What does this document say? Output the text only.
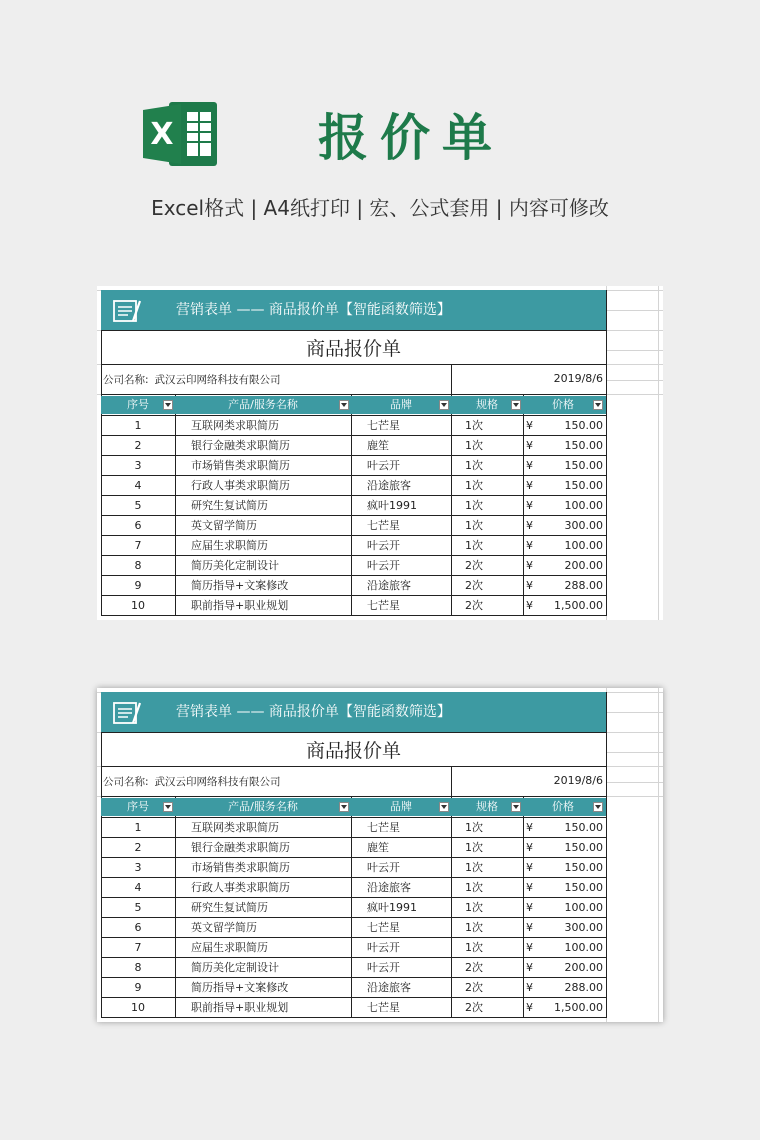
X	报价单
Excel格式 | A4纸打印 | 宏、公式套用 | 内容可修改
营销表单 —— 商品报价单【智能函数筛选】
商品报价单
公司名称: 武汉云印网络科技有限公司	2019/8/6
序号	产品/服务名称	品牌	规格	价格
1	互联网类求职简历	七芒星	1次	¥	150.00
2	银行金融类求职简历	鹿笙	1次	¥	150.00
3	市场销售类求职简历	叶云开	1次	¥	150.00
4	行政人事类求职简历	沿途旅客	1次	¥	150.00
5	研究生复试简历	疯叶1991	1次	¥	100.00
6	英文留学简历	七芒星	1次	¥	300.00
7	应届生求职简历	叶云开	1次	¥	100.00
8	简历美化定制设计	叶云开	2次	¥	200.00
9	简历指导+文案修改	沿途旅客	2次	¥	288.00
10	职前指导+职业规划	七芒星	2次	¥	1,500.00
营销表单 —— 商品报价单【智能函数筛选】
商品报价单
公司名称: 武汉云印网络科技有限公司	2019/8/6
序号	产品/服务名称	品牌	规格	价格
1	互联网类求职简历	七芒星	1次	¥	150.00
2	银行金融类求职简历	鹿笙	1次	¥	150.00
3	市场销售类求职简历	叶云开	1次	¥	150.00
4	行政人事类求职简历	沿途旅客	1次	¥	150.00
5	研究生复试简历	疯叶1991	1次	¥	100.00
6	英文留学简历	七芒星	1次	¥	300.00
7	应届生求职简历	叶云开	1次	¥	100.00
8	简历美化定制设计	叶云开	2次	¥	200.00
9	简历指导+文案修改	沿途旅客	2次	¥	288.00
10	职前指导+职业规划	七芒星	2次	¥	1,500.00
